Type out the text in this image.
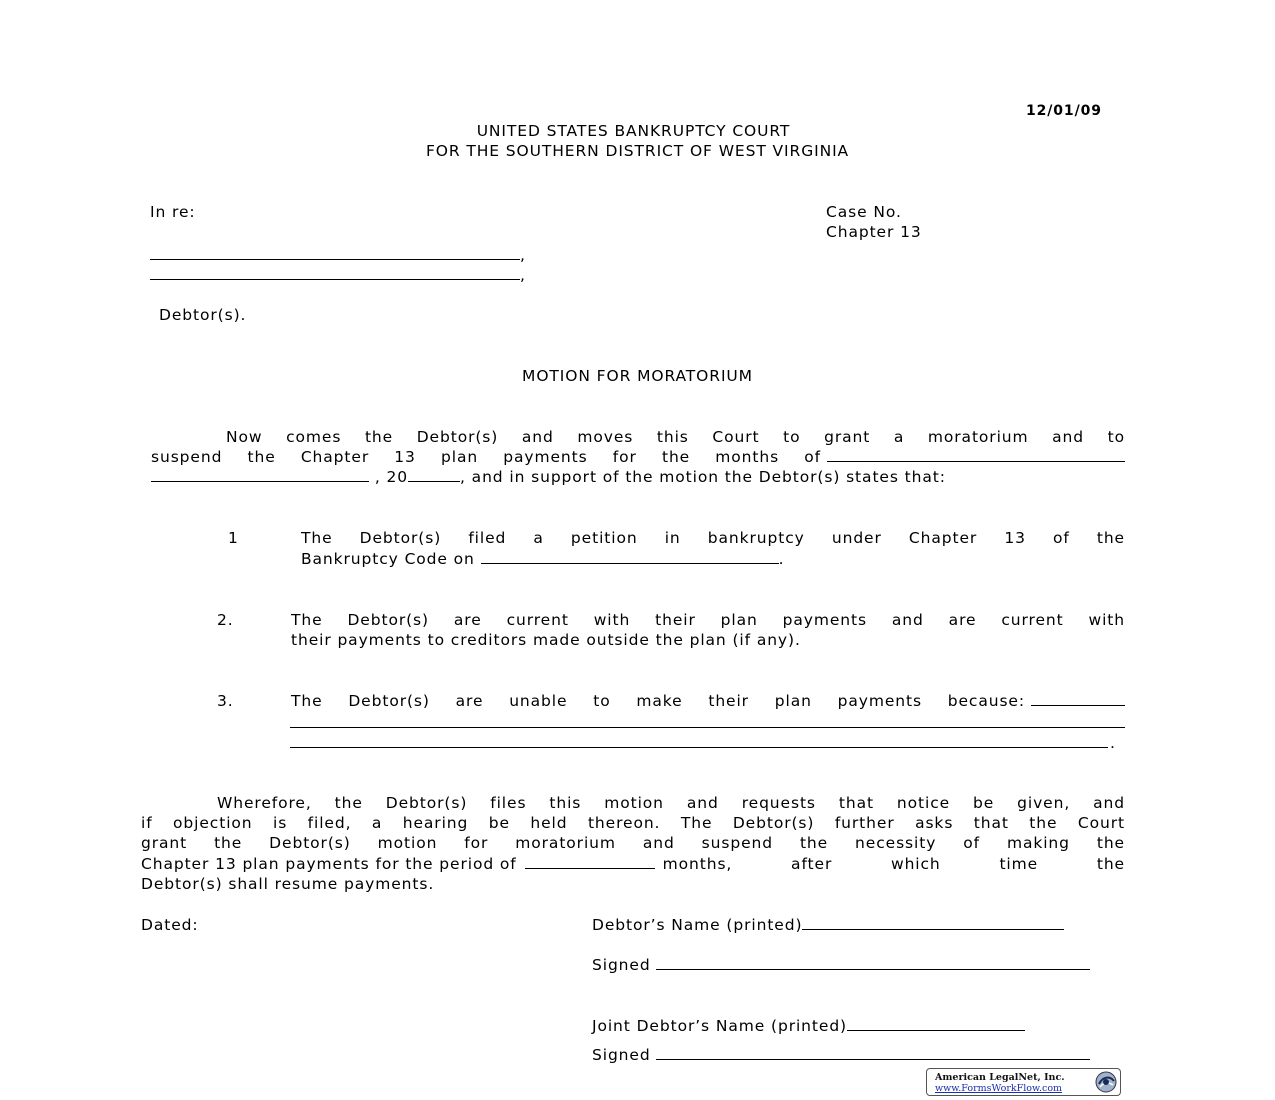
12/01/09
UNITED STATES BANKRUPTCY COURT
FOR THE SOUTHERN DISTRICT OF WEST VIRGINIA
In re:	Case No.
Chapter 13
,
,
Debtor(s).
MOTION FOR MORATORIUM
Now comes the Debtor(s) and moves this Court to grant a moratorium and to
suspend the Chapter 13 plan payments for the months of
, 20	, and in support of the motion the Debtor(s) states that:
1	The Debtor(s) filed a petition in bankruptcy under Chapter 13 of the
Bankruptcy Code on	.
2.	The Debtor(s) are current with their plan payments and are current with
their payments to creditors made outside the plan (if any).
3.	The Debtor(s) are unable to make their plan payments because:
.
Wherefore, the Debtor(s) files this motion and requests that notice be given, and
if objection is filed, a hearing be held thereon. The Debtor(s) further asks that the Court
grant the Debtor(s) motion for moratorium and suspend the necessity of making the
Chapter 13 plan payments for the period of	months, after which time the
Debtor(s) shall resume payments.
Dated:	Debtor’s Name (printed)
Signed
Joint Debtor’s Name (printed)
Signed
American LegalNet, Inc.
www.FormsWorkFlow.com
